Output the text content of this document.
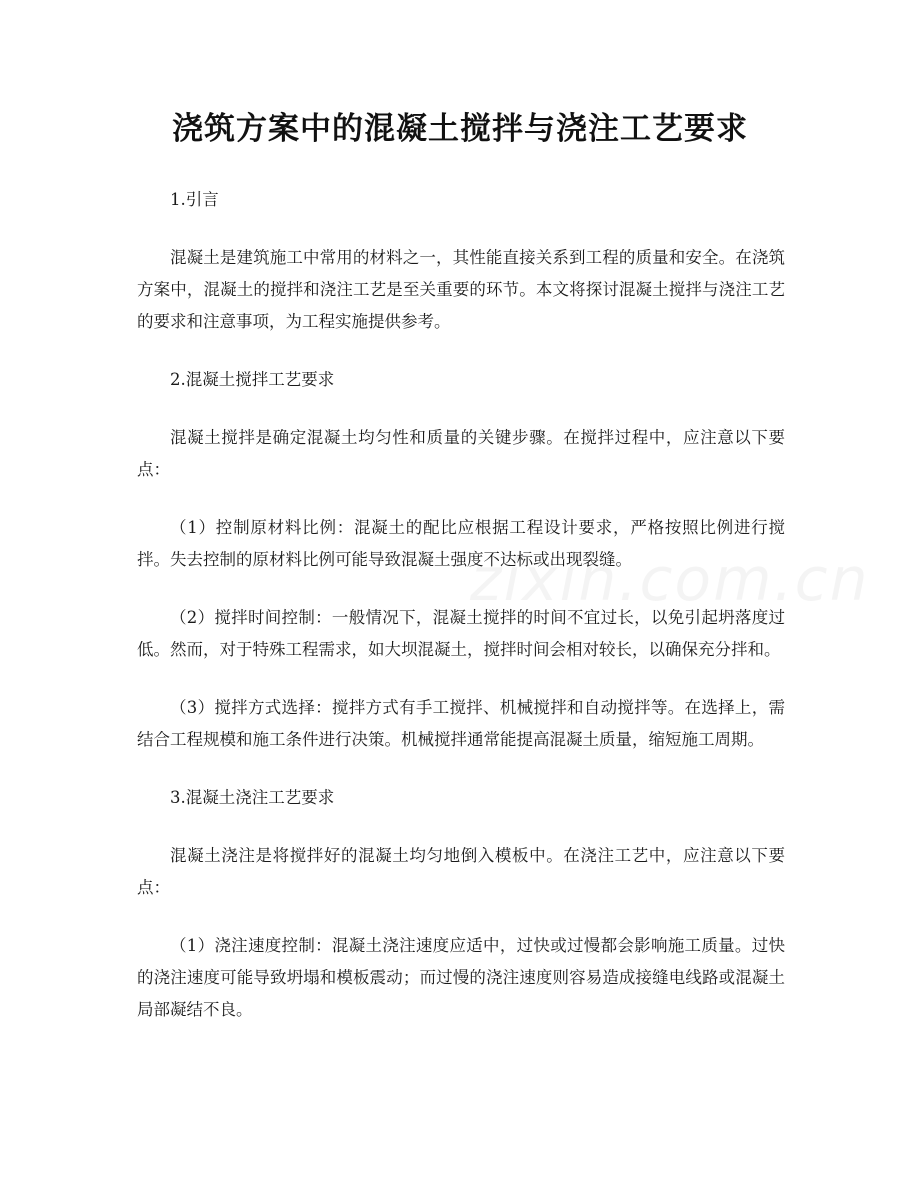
浇筑方案中的混凝土搅拌与浇注工艺要求
1.引言

混凝土是建筑施工中常用的材料之一，其性能直接关系到工程的质量和安全。在浇筑方案中，混凝土的搅拌和浇注工艺是至关重要的环节。本文将探讨混凝土搅拌与浇注工艺的要求和注意事项，为工程实施提供参考。

2.混凝土搅拌工艺要求

混凝土搅拌是确定混凝土均匀性和质量的关键步骤。在搅拌过程中，应注意以下要点：

（1）控制原材料比例：混凝土的配比应根据工程设计要求，严格按照比例进行搅拌。失去控制的原材料比例可能导致混凝土强度不达标或出现裂缝。

（2）搅拌时间控制：一般情况下，混凝土搅拌的时间不宜过长，以免引起坍落度过低。然而，对于特殊工程需求，如大坝混凝土，搅拌时间会相对较长，以确保充分拌和。

（3）搅拌方式选择：搅拌方式有手工搅拌、机械搅拌和自动搅拌等。在选择上，需结合工程规模和施工条件进行决策。机械搅拌通常能提高混凝土质量，缩短施工周期。

3.混凝土浇注工艺要求

混凝土浇注是将搅拌好的混凝土均匀地倒入模板中。在浇注工艺中，应注意以下要点：

（1）浇注速度控制：混凝土浇注速度应适中，过快或过慢都会影响施工质量。过快的浇注速度可能导致坍塌和模板震动；而过慢的浇注速度则容易造成接缝电线路或混凝土局部凝结不良。
